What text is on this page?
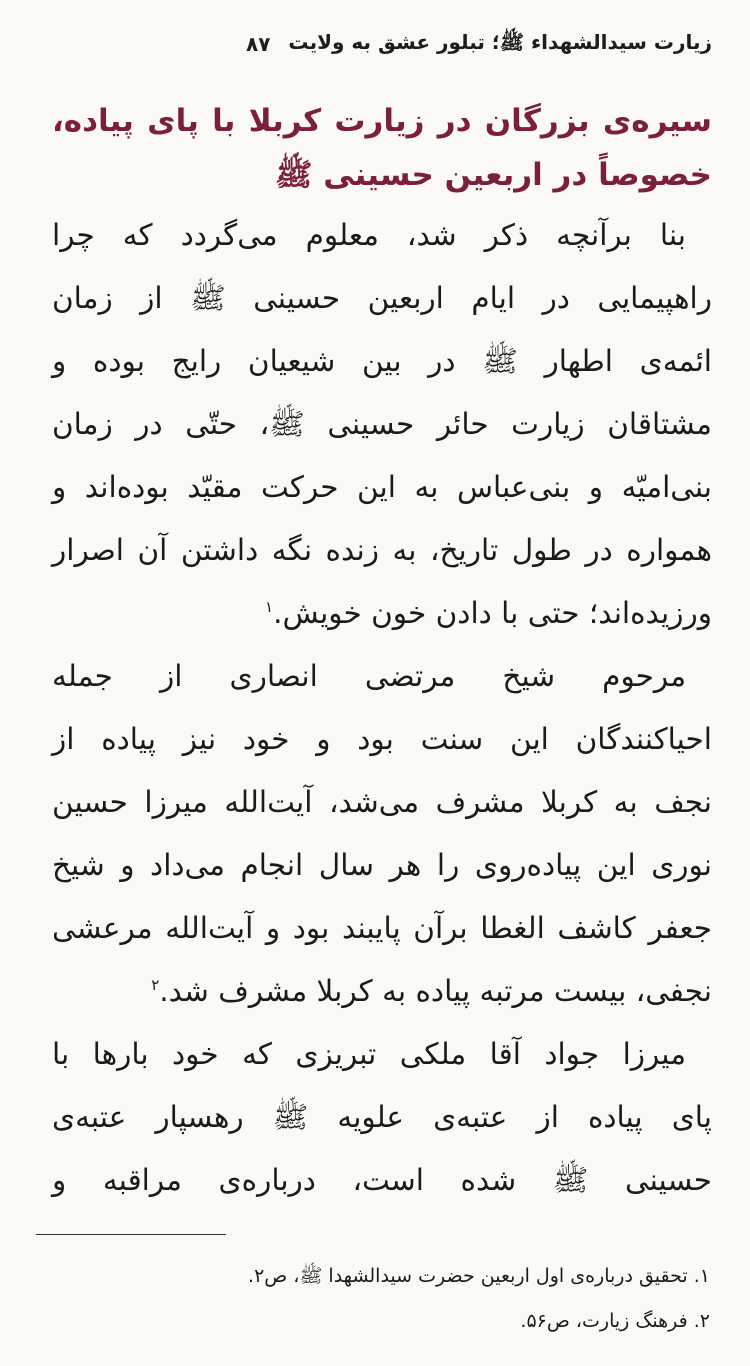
زیارت سیدالشهداء ﷺ؛ تبلور عشق به ولایت
۸۷
سیره‌ی بزرگان در زیارت کربلا با پای پیاده،
خصوصاً در اربعین حسینی ﷺ
بنا برآنچه ذکر شد، معلوم می‌گردد که چرا
راهپیمایی در ایام اربعین حسینی ﷺ از زمان
ائمه‌ی اطهار ﷺ در بین شیعیان رایج بوده و
مشتاقان زیارت حائر حسینی ﷺ، حتّی در زمان
بنی‌امیّه و بنی‌عباس به این حرکت مقیّد بوده‌اند و
همواره در طول تاریخ، به زنده نگه داشتن آن اصرار
ورزیده‌اند؛ حتی با دادن خون خویش.$^۱$
مرحوم شیخ مرتضی انصاری از جمله
احیاکنندگان این سنت بود و خود نیز پیاده از
نجف به کربلا مشرف می‌شد، آیت‌الله میرزا حسین
نوری این پیاده‌روی را هر سال انجام می‌داد و شیخ
جعفر کاشف الغطا برآن پایبند بود و آیت‌الله مرعشی
نجفی، بیست مرتبه پیاده به کربلا مشرف شد.$^۲$
میرزا جواد آقا ملکی تبریزی که خود بارها با
پای پیاده از عتبه‌ی علویه ﷺ رهسپار عتبه‌ی
حسینی ﷺ شده است، درباره‌ی مراقبه و
۱. تحقیق درباره‌ی اول اربعین حضرت سیدالشهدا ﷺ، ص۲.
۲. فرهنگ زیارت، ص۵۶.
